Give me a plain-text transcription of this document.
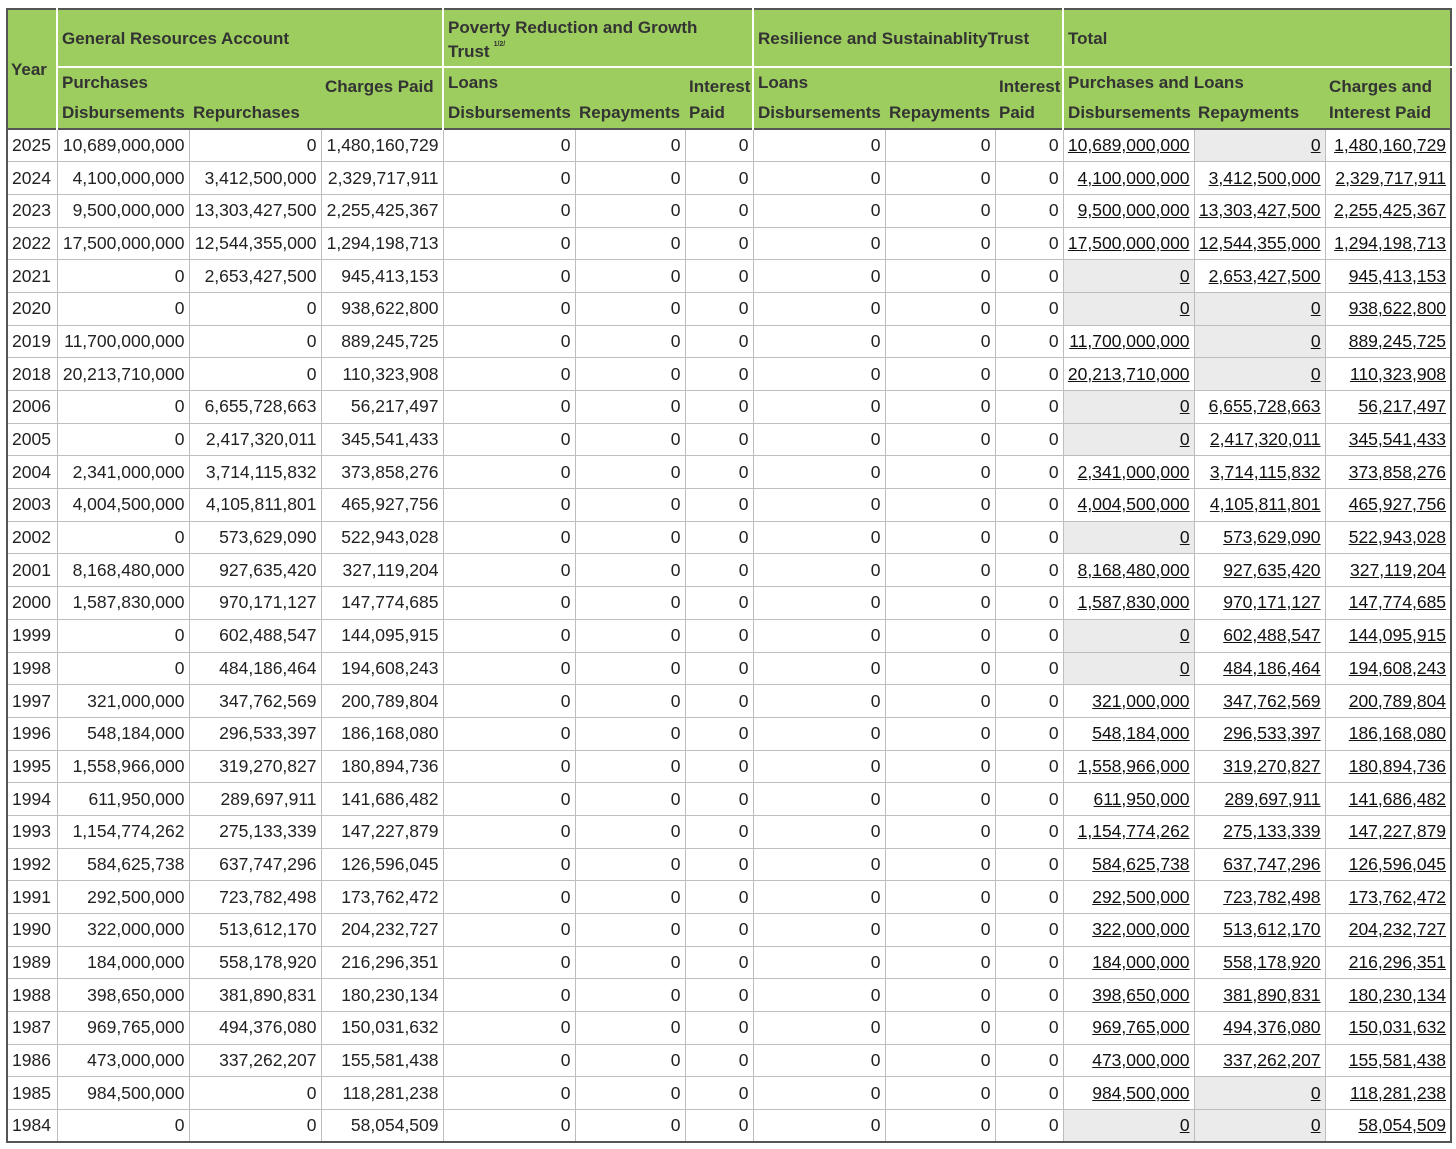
Year	General Resources Account			Poverty Reduction and Growth Trust $^{1/2/}$			Resilience and SustainablityTrust			Total		
	Purchases		Charges Paid	Loans		Interest Paid	Loans		Interest Paid	Purchases and Loans		Charges and Interest Paid
	Disbursements	Repurchases		Disbursements	Repayments		Disbursements	Repayments		Disbursements	Repayments	
2025	10,689,000,000	0	1,480,160,729	0	0	0	0	0	0	10,689,000,000	0	1,480,160,729
2024	4,100,000,000	3,412,500,000	2,329,717,911	0	0	0	0	0	0	4,100,000,000	3,412,500,000	2,329,717,911
2023	9,500,000,000	13,303,427,500	2,255,425,367	0	0	0	0	0	0	9,500,000,000	13,303,427,500	2,255,425,367
2022	17,500,000,000	12,544,355,000	1,294,198,713	0	0	0	0	0	0	17,500,000,000	12,544,355,000	1,294,198,713
2021	0	2,653,427,500	945,413,153	0	0	0	0	0	0	0	2,653,427,500	945,413,153
2020	0	0	938,622,800	0	0	0	0	0	0	0	0	938,622,800
2019	11,700,000,000	0	889,245,725	0	0	0	0	0	0	11,700,000,000	0	889,245,725
2018	20,213,710,000	0	110,323,908	0	0	0	0	0	0	20,213,710,000	0	110,323,908
2006	0	6,655,728,663	56,217,497	0	0	0	0	0	0	0	6,655,728,663	56,217,497
2005	0	2,417,320,011	345,541,433	0	0	0	0	0	0	0	2,417,320,011	345,541,433
2004	2,341,000,000	3,714,115,832	373,858,276	0	0	0	0	0	0	2,341,000,000	3,714,115,832	373,858,276
2003	4,004,500,000	4,105,811,801	465,927,756	0	0	0	0	0	0	4,004,500,000	4,105,811,801	465,927,756
2002	0	573,629,090	522,943,028	0	0	0	0	0	0	0	573,629,090	522,943,028
2001	8,168,480,000	927,635,420	327,119,204	0	0	0	0	0	0	8,168,480,000	927,635,420	327,119,204
2000	1,587,830,000	970,171,127	147,774,685	0	0	0	0	0	0	1,587,830,000	970,171,127	147,774,685
1999	0	602,488,547	144,095,915	0	0	0	0	0	0	0	602,488,547	144,095,915
1998	0	484,186,464	194,608,243	0	0	0	0	0	0	0	484,186,464	194,608,243
1997	321,000,000	347,762,569	200,789,804	0	0	0	0	0	0	321,000,000	347,762,569	200,789,804
1996	548,184,000	296,533,397	186,168,080	0	0	0	0	0	0	548,184,000	296,533,397	186,168,080
1995	1,558,966,000	319,270,827	180,894,736	0	0	0	0	0	0	1,558,966,000	319,270,827	180,894,736
1994	611,950,000	289,697,911	141,686,482	0	0	0	0	0	0	611,950,000	289,697,911	141,686,482
1993	1,154,774,262	275,133,339	147,227,879	0	0	0	0	0	0	1,154,774,262	275,133,339	147,227,879
1992	584,625,738	637,747,296	126,596,045	0	0	0	0	0	0	584,625,738	637,747,296	126,596,045
1991	292,500,000	723,782,498	173,762,472	0	0	0	0	0	0	292,500,000	723,782,498	173,762,472
1990	322,000,000	513,612,170	204,232,727	0	0	0	0	0	0	322,000,000	513,612,170	204,232,727
1989	184,000,000	558,178,920	216,296,351	0	0	0	0	0	0	184,000,000	558,178,920	216,296,351
1988	398,650,000	381,890,831	180,230,134	0	0	0	0	0	0	398,650,000	381,890,831	180,230,134
1987	969,765,000	494,376,080	150,031,632	0	0	0	0	0	0	969,765,000	494,376,080	150,031,632
1986	473,000,000	337,262,207	155,581,438	0	0	0	0	0	0	473,000,000	337,262,207	155,581,438
1985	984,500,000	0	118,281,238	0	0	0	0	0	0	984,500,000	0	118,281,238
1984	0	0	58,054,509	0	0	0	0	0	0	0	0	58,054,509
